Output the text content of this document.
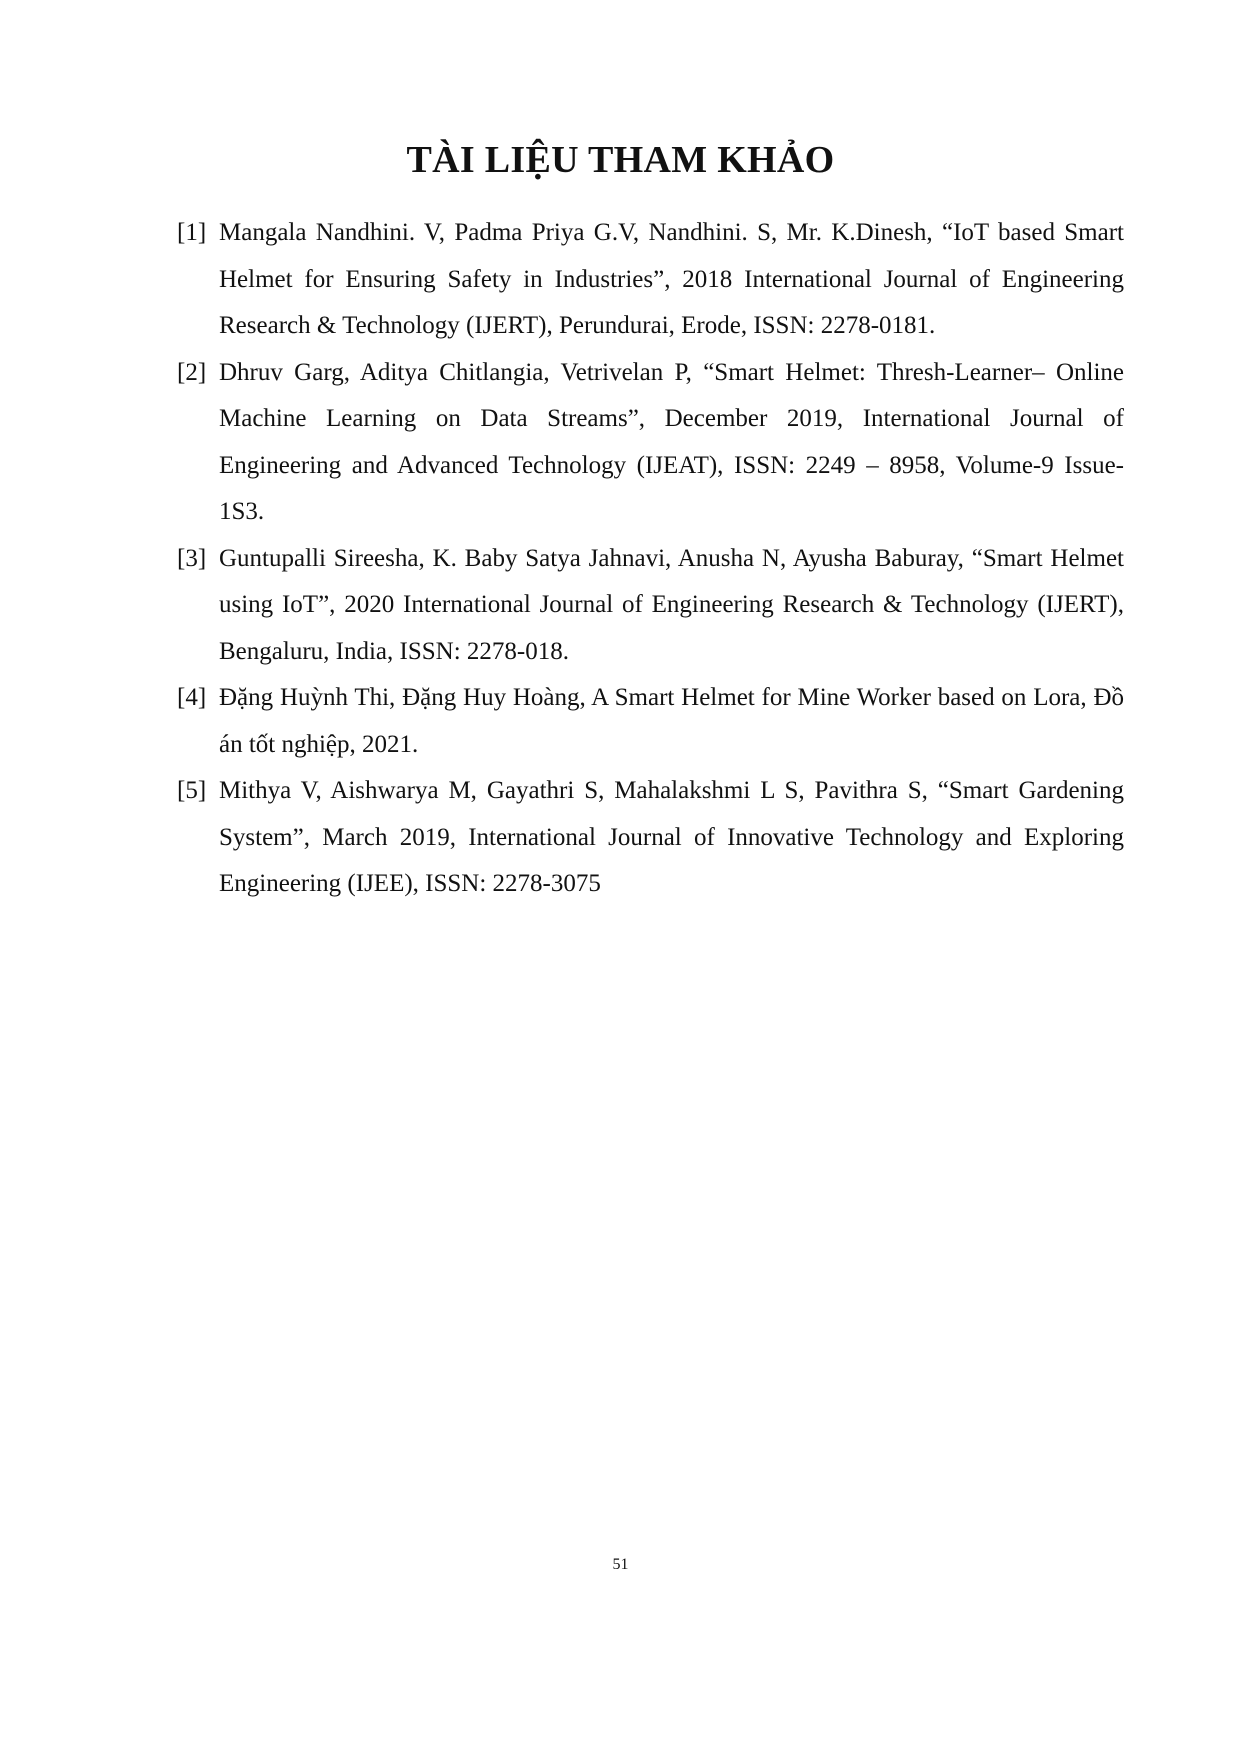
TÀI LIỆU THAM KHẢO
[1] Mangala Nandhini. V, Padma Priya G.V, Nandhini. S, Mr. K.Dinesh, “IoT based Smart Helmet for Ensuring Safety in Industries”, 2018 International Journal of Engineering Research & Technology (IJERT), Perundurai, Erode, ISSN: 2278-0181.
[2] Dhruv Garg, Aditya Chitlangia, Vetrivelan P, “Smart Helmet: Thresh-Learner– Online Machine Learning on Data Streams”, December 2019, International Journal of Engineering and Advanced Technology (IJEAT), ISSN: 2249 – 8958, Volume-9 Issue-1S3.
[3] Guntupalli Sireesha, K. Baby Satya Jahnavi, Anusha N, Ayusha Baburay, “Smart Helmet using IoT”, 2020 International Journal of Engineering Research & Technology (IJERT), Bengaluru, India, ISSN: 2278-018.
[4] Đặng Huỳnh Thi, Đặng Huy Hoàng, A Smart Helmet for Mine Worker based on Lora, Đồ án tốt nghiệp, 2021.
[5] Mithya V, Aishwarya M, Gayathri S, Mahalakshmi L S, Pavithra S, “Smart Gardening System”, March 2019, International Journal of Innovative Technology and Exploring Engineering (IJEE), ISSN: 2278-3075
51
